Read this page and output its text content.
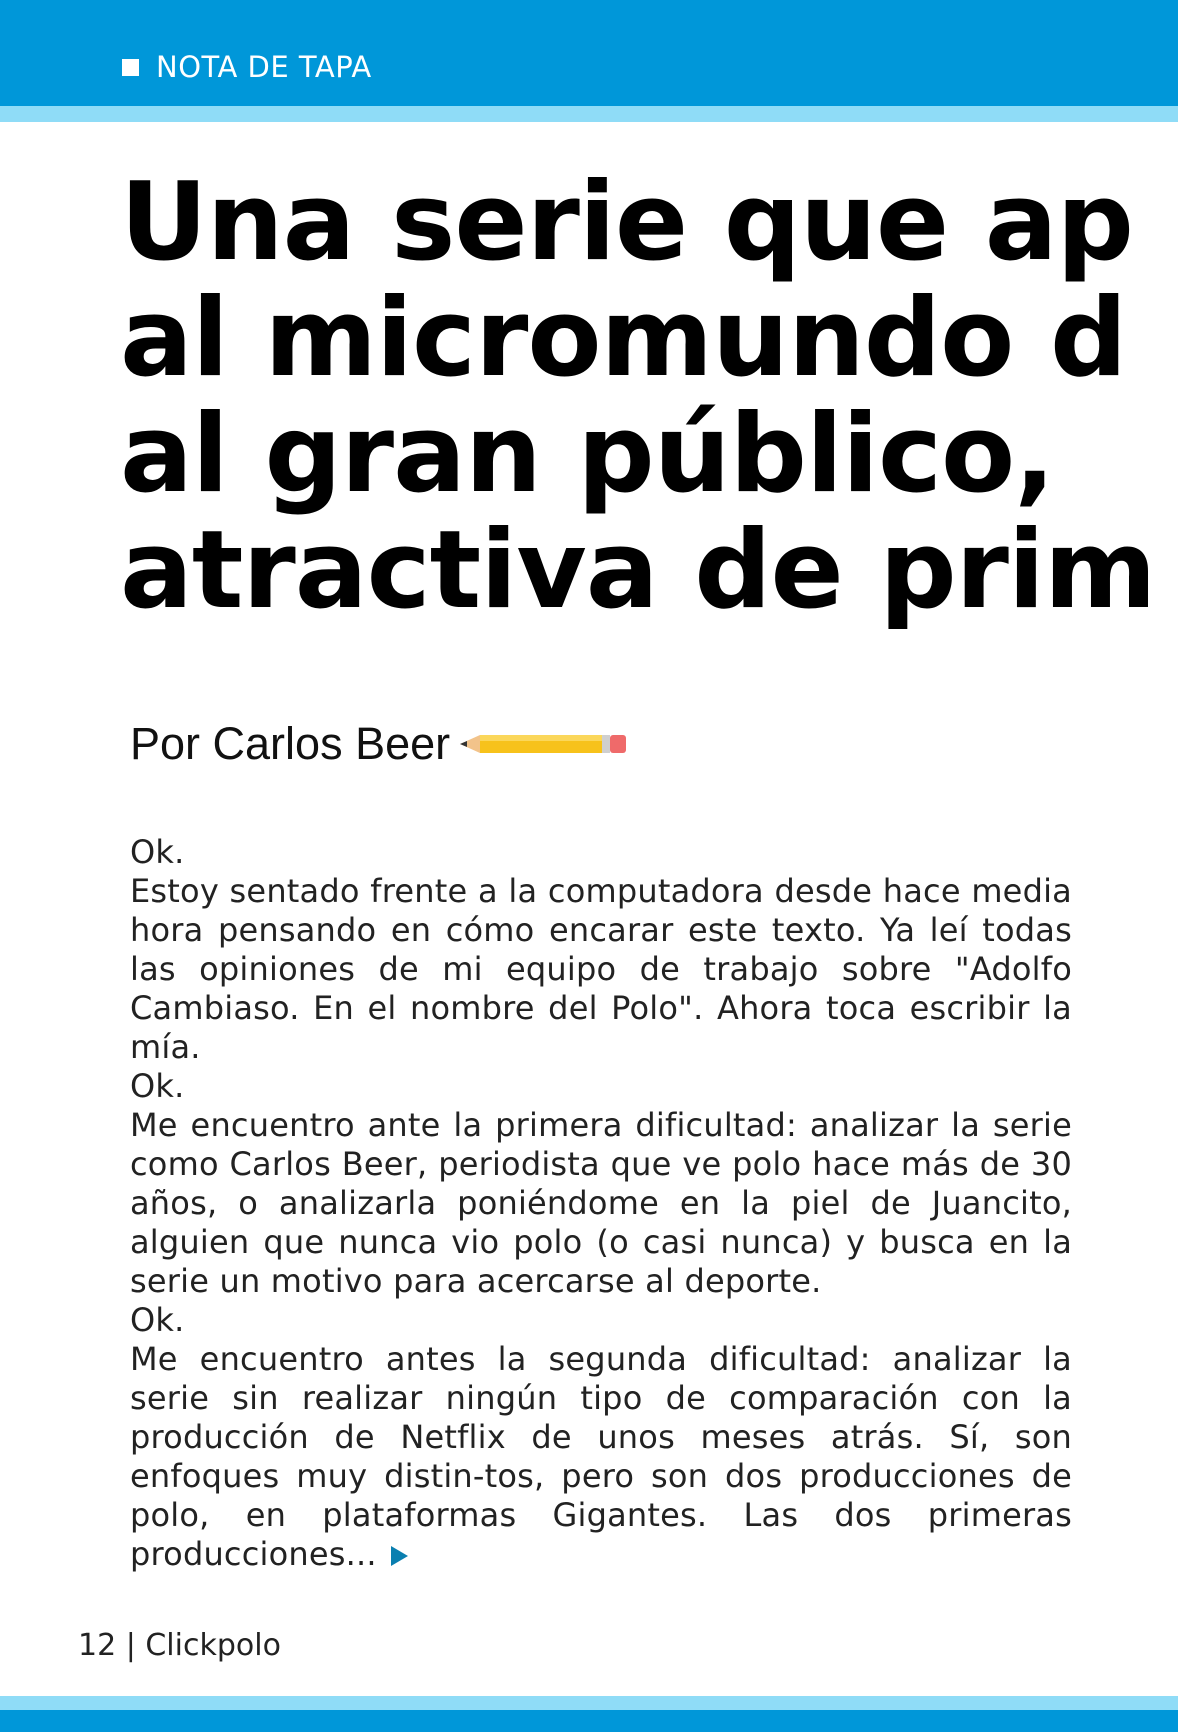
NOTA DE TAPA
Una serie que ap
al micromundo d
al gran público,
atractiva de prim
Por Carlos Beer

Ok.

Estoy sentado frente a la computadora desde hace media hora pensando en cómo encarar este texto. Ya leí todas las opiniones de mi equipo de trabajo sobre "Adolfo Cambiaso. En el nombre del Polo". Ahora toca escribir la mía.

Ok.

Me encuentro ante la primera dificultad: analizar la serie como Carlos Beer, periodista que ve polo hace más de 30 años, o analizarla poniéndome en la piel de Juancito, alguien que nunca vio polo (o casi nunca) y busca en la serie un motivo para acercarse al deporte.

Ok.

Me encuentro antes la segunda dificultad: analizar la serie sin realizar ningún tipo de comparación con la producción de Netflix de unos meses atrás. Sí, son enfoques muy distin-tos, pero son dos producciones de polo, en plataformas Gigantes. Las dos primeras producciones...

12 | Clickpolo
